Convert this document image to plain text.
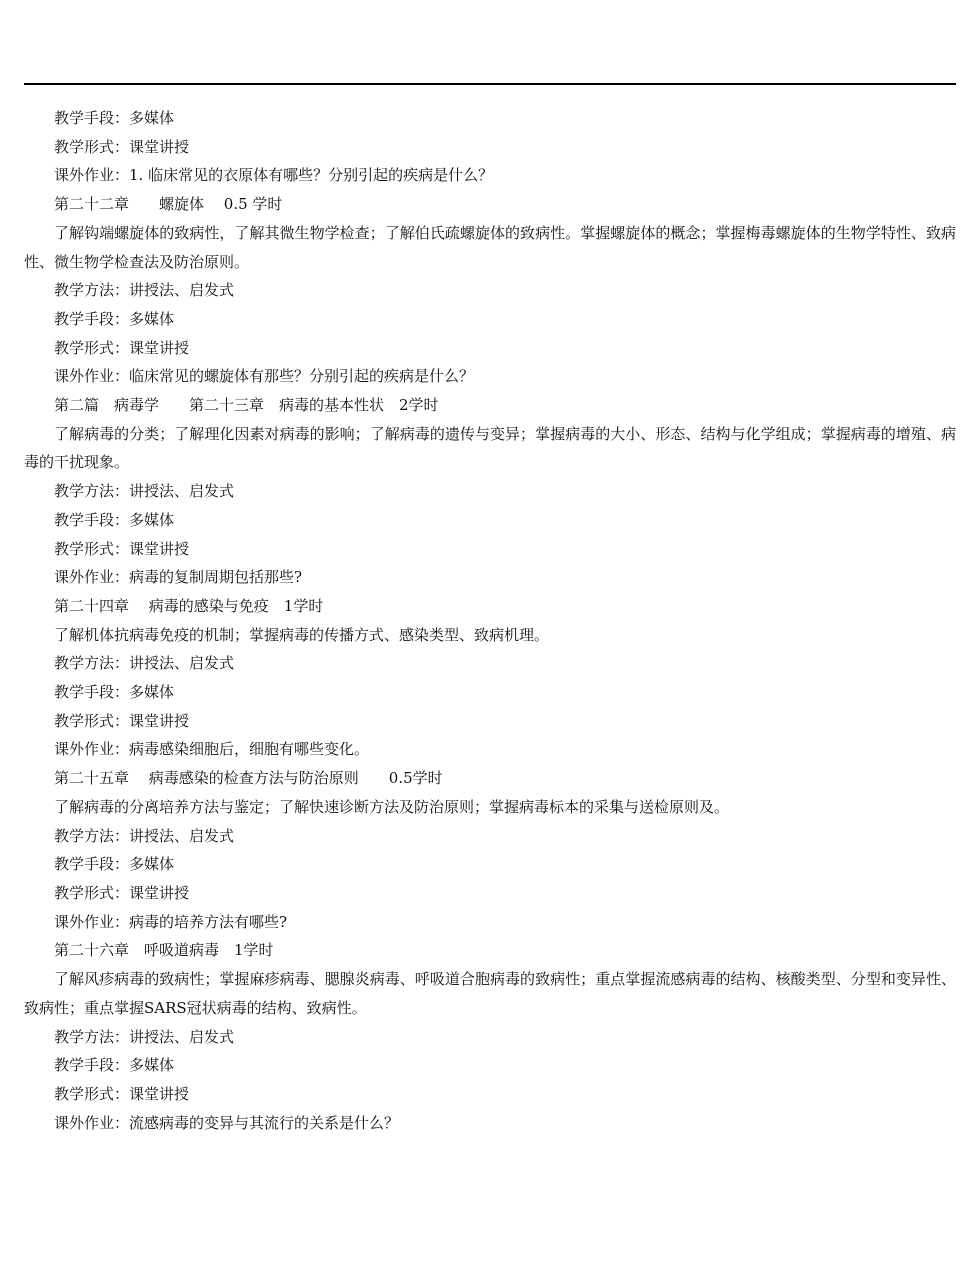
教学手段：多媒体
教学形式：课堂讲授
课外作业：1. 临床常见的衣原体有哪些？分别引起的疾病是什么？
第二十二章　　螺旋体　 0.5 学时
了解钩端螺旋体的致病性，了解其微生物学检查；了解伯氏疏螺旋体的致病性。掌握螺旋体的概念；掌握梅毒螺旋体的生物学特性、致病性、微生物学检查法及防治原则。
教学方法：讲授法、启发式
教学手段：多媒体
教学形式：课堂讲授
课外作业：临床常见的螺旋体有那些？分别引起的疾病是什么？
第二篇　病毒学　　第二十三章　病毒的基本性状　2学时
了解病毒的分类；了解理化因素对病毒的影响；了解病毒的遗传与变异；掌握病毒的大小、形态、结构与化学组成；掌握病毒的增殖、病毒的干扰现象。
教学方法：讲授法、启发式
教学手段：多媒体
教学形式：课堂讲授
课外作业：病毒的复制周期包括那些?
第二十四章　 病毒的感染与免疫　1学时
了解机体抗病毒免疫的机制；掌握病毒的传播方式、感染类型、致病机理。
教学方法：讲授法、启发式
教学手段：多媒体
教学形式：课堂讲授
课外作业：病毒感染细胞后，细胞有哪些变化。
第二十五章　 病毒感染的检查方法与防治原则　　0.5学时
了解病毒的分离培养方法与鉴定；了解快速诊断方法及防治原则；掌握病毒标本的采集与送检原则及。
教学方法：讲授法、启发式
教学手段：多媒体
教学形式：课堂讲授
课外作业：病毒的培养方法有哪些?
第二十六章　呼吸道病毒　1学时
了解风疹病毒的致病性；掌握麻疹病毒、腮腺炎病毒、呼吸道合胞病毒的致病性；重点掌握流感病毒的结构、核酸类型、分型和变异性、致病性；重点掌握SARS冠状病毒的结构、致病性。
教学方法：讲授法、启发式
教学手段：多媒体
教学形式：课堂讲授
课外作业：流感病毒的变异与其流行的关系是什么？
